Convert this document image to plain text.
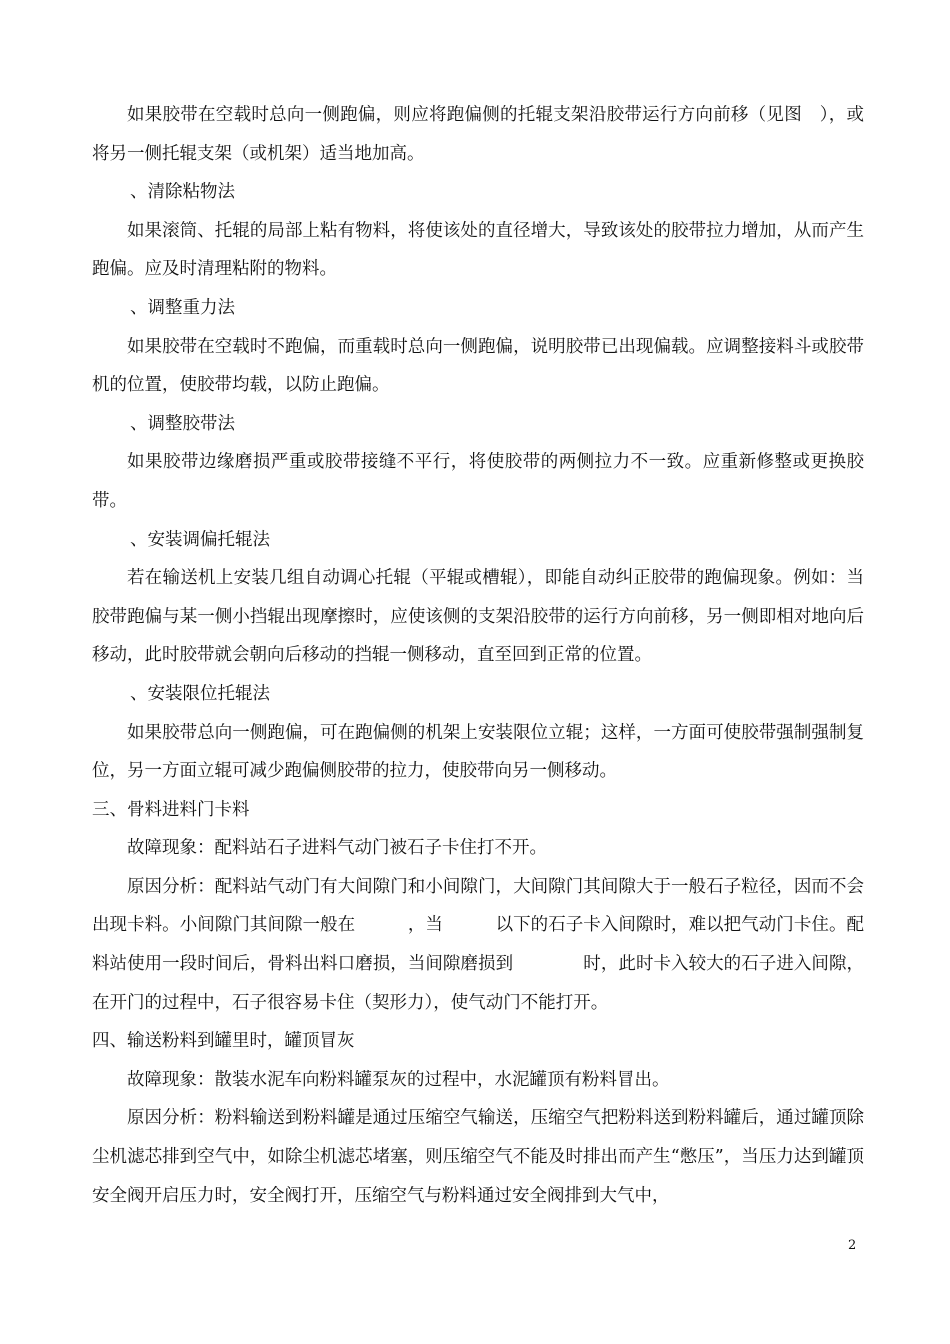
如果胶带在空载时总向一侧跑偏，则应将跑偏侧的托辊支架沿胶带运行方向前移（见图　），或将另一侧托辊支架（或机架）适当地加高。

、清除粘物法

如果滚筒、托辊的局部上粘有物料，将使该处的直径增大，导致该处的胶带拉力增加，从而产生跑偏。应及时清理粘附的物料。

、调整重力法

如果胶带在空载时不跑偏，而重载时总向一侧跑偏，说明胶带已出现偏载。应调整接料斗或胶带机的位置，使胶带均载，以防止跑偏。

、调整胶带法

如果胶带边缘磨损严重或胶带接缝不平行，将使胶带的两侧拉力不一致。应重新修整或更换胶带。

、安装调偏托辊法

若在输送机上安装几组自动调心托辊（平辊或槽辊），即能自动纠正胶带的跑偏现象。例如：当胶带跑偏与某一侧小挡辊出现摩擦时，应使该侧的支架沿胶带的运行方向前移，另一侧即相对地向后移动，此时胶带就会朝向后移动的挡辊一侧移动，直至回到正常的位置。

、安装限位托辊法

如果胶带总向一侧跑偏，可在跑偏侧的机架上安装限位立辊；这样，一方面可使胶带强制强制复位，另一方面立辊可减少跑偏侧胶带的拉力，使胶带向另一侧移动。

三、骨料进料门卡料

故障现象：配料站石子进料气动门被石子卡住打不开。

原因分析：配料站气动门有大间隙门和小间隙门，大间隙门其间隙大于一般石子粒径，因而不会出现卡料。小间隙门其间隙一般在　　　，当　　　以下的石子卡入间隙时，难以把气动门卡住。配料站使用一段时间后，骨料出料口磨损，当间隙磨损到　　　　时，此时卡入较大的石子进入间隙，在开门的过程中，石子很容易卡住（契形力），使气动门不能打开。

四、输送粉料到罐里时，罐顶冒灰

故障现象：散装水泥车向粉料罐泵灰的过程中，水泥罐顶有粉料冒出。

原因分析：粉料输送到粉料罐是通过压缩空气输送，压缩空气把粉料送到粉料罐后，通过罐顶除尘机滤芯排到空气中，如除尘机滤芯堵塞，则压缩空气不能及时排出而产生“憋压”，当压力达到罐顶安全阀开启压力时，安全阀打开，压缩空气与粉料通过安全阀排到大气中，

2
